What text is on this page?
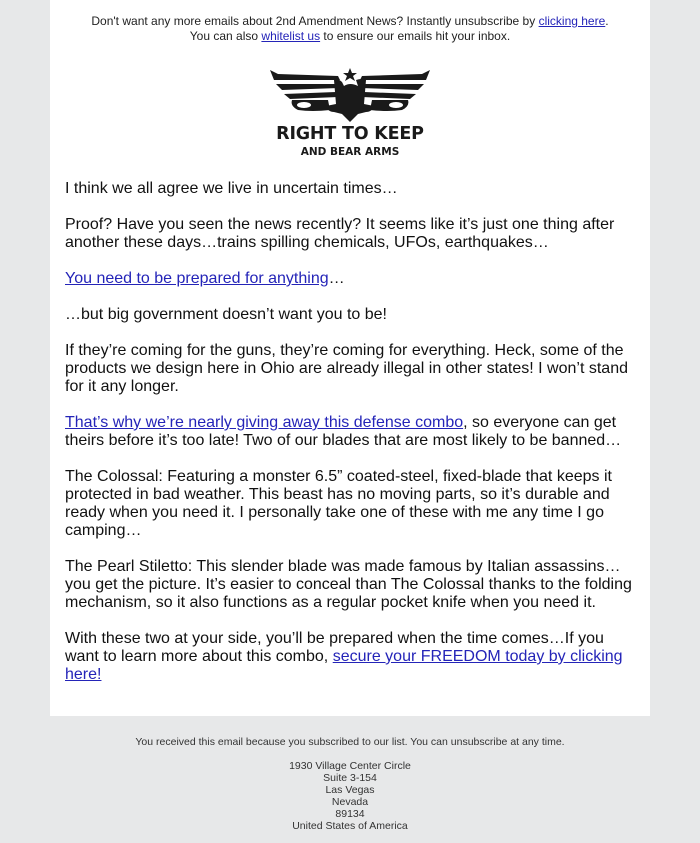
Don't want any more emails about 2nd Amendment News? Instantly unsubscribe by clicking here.
You can also whitelist us to ensure our emails hit your inbox.
RIGHT TO KEEP
AND BEAR ARMS

I think we all agree we live in uncertain times…

Proof? Have you seen the news recently? It seems like it’s just one thing after another these days…trains spilling chemicals, UFOs, earthquakes…

You need to be prepared for anything…

…but big government doesn’t want you to be!

If they’re coming for the guns, they’re coming for everything. Heck, some of the products we design here in Ohio are already illegal in other states! I won’t stand for it any longer.

That’s why we’re nearly giving away this defense combo, so everyone can get theirs before it’s too late! Two of our blades that are most likely to be banned…

The Colossal: Featuring a monster 6.5” coated-steel, fixed-blade that keeps it protected in bad weather. This beast has no moving parts, so it’s durable and ready when you need it. I personally take one of these with me any time I go camping…

The Pearl Stiletto: This slender blade was made famous by Italian assassins… you get the picture. It’s easier to conceal than The Colossal thanks to the folding mechanism, so it also functions as a regular pocket knife when you need it.

With these two at your side, you’ll be prepared when the time comes…If you want to learn more about this combo, secure your FREEDOM today by clicking here!

You received this email because you subscribed to our list. You can unsubscribe at any time.
1930 Village Center Circle
Suite 3-154
Las Vegas
Nevada
89134
United States of America
